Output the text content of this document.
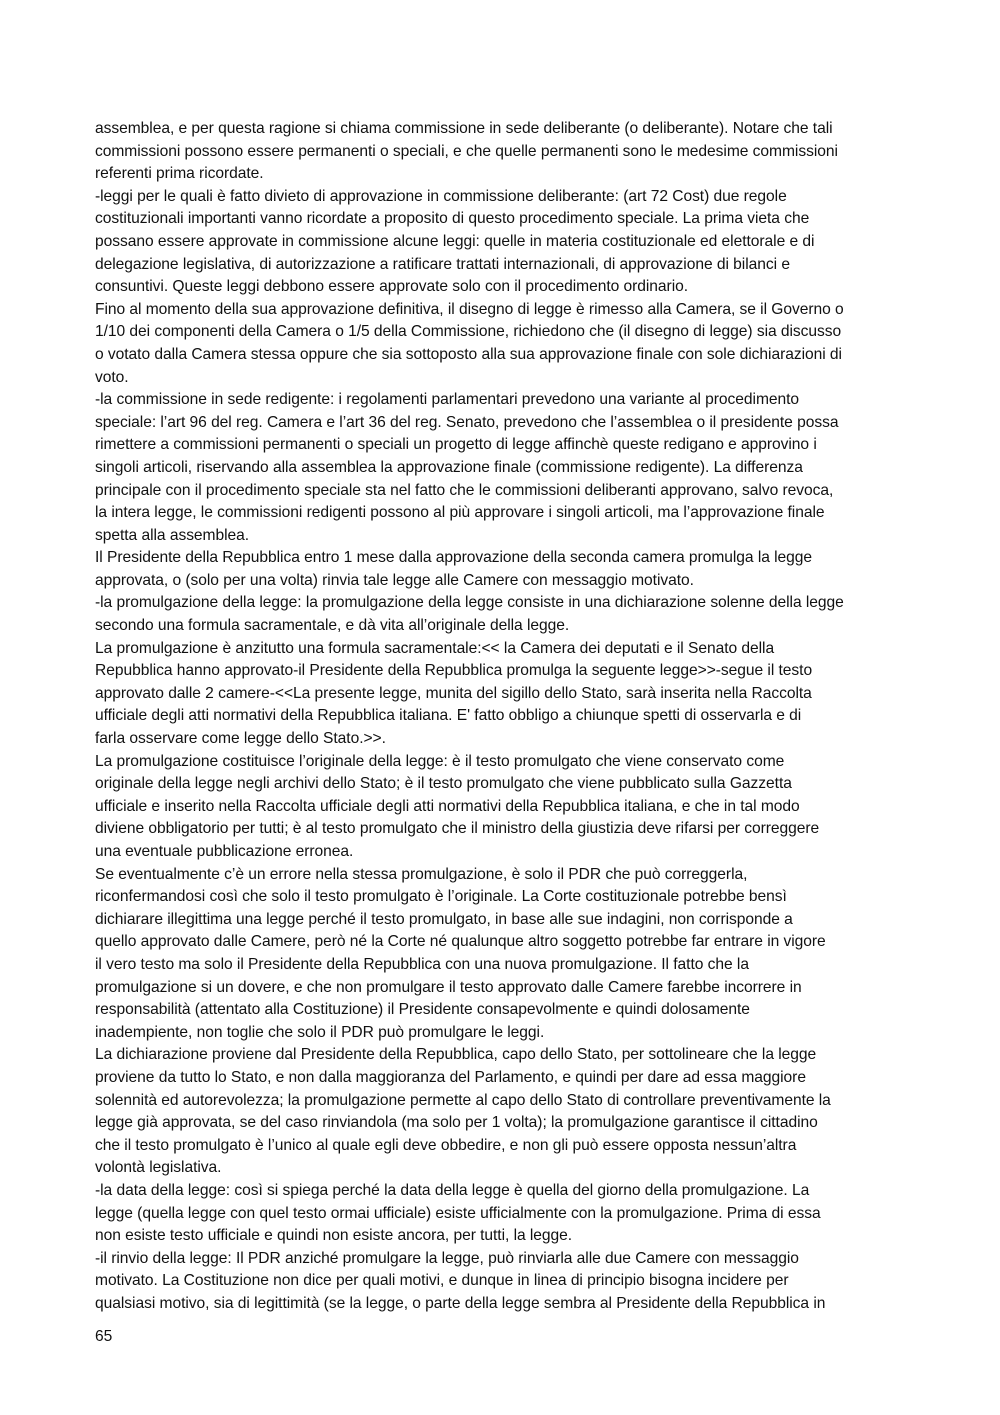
assemblea, e per questa ragione si chiama commissione in sede deliberante (o deliberante). Notare che tali
commissioni possono essere permanenti o speciali, e che quelle permanenti sono le medesime commissioni
referenti prima ricordate.
-leggi per le quali è fatto divieto di approvazione in commissione deliberante: (art 72 Cost) due regole
costituzionali importanti vanno ricordate a proposito di questo procedimento speciale. La prima vieta che
possano essere approvate in commissione alcune leggi: quelle in materia costituzionale ed elettorale e di
delegazione legislativa, di autorizzazione a ratificare trattati internazionali, di approvazione di bilanci e
consuntivi. Queste leggi debbono essere approvate solo con il procedimento ordinario.
Fino al momento della sua approvazione definitiva, il disegno di legge è rimesso alla Camera, se il Governo o
1/10 dei componenti della Camera o 1/5 della Commissione, richiedono che (il disegno di legge) sia discusso
o votato dalla Camera stessa oppure che sia sottoposto alla sua approvazione finale con sole dichiarazioni di
voto.
-la commissione in sede redigente: i regolamenti parlamentari prevedono una variante al procedimento
speciale: l’art 96 del reg. Camera e l’art 36 del reg. Senato, prevedono che l’assemblea o il presidente possa
rimettere a commissioni permanenti o speciali un progetto di legge affinchè queste redigano e approvino i
singoli articoli, riservando alla assemblea la approvazione finale (commissione redigente). La differenza
principale con il procedimento speciale sta nel fatto che le commissioni deliberanti approvano, salvo revoca,
la intera legge, le commissioni redigenti possono al più approvare i singoli articoli, ma l’approvazione finale
spetta alla assemblea.
Il Presidente della Repubblica entro 1 mese dalla approvazione della seconda camera promulga la legge
approvata, o (solo per una volta) rinvia tale legge alle Camere con messaggio motivato.
-la promulgazione della legge: la promulgazione della legge consiste in una dichiarazione solenne della legge
secondo una formula sacramentale, e dà vita all’originale della legge.
La promulgazione è anzitutto una formula sacramentale:<< la Camera dei deputati e il Senato della
Repubblica hanno approvato-il Presidente della Repubblica promulga la seguente legge>>-segue il testo
approvato dalle 2 camere-<<La presente legge, munita del sigillo dello Stato, sarà inserita nella Raccolta
ufficiale degli atti normativi della Repubblica italiana. E' fatto obbligo a chiunque spetti di osservarla e di
farla osservare come legge dello Stato.>>.
La promulgazione costituisce l’originale della legge: è il testo promulgato che viene conservato come
originale della legge negli archivi dello Stato; è il testo promulgato che viene pubblicato sulla Gazzetta
ufficiale e inserito nella Raccolta ufficiale degli atti normativi della Repubblica italiana, e che in tal modo
diviene obbligatorio per tutti; è al testo promulgato che il ministro della giustizia deve rifarsi per correggere
una eventuale pubblicazione erronea.
Se eventualmente c’è un errore nella stessa promulgazione, è solo il PDR che può correggerla,
riconfermandosi così che solo il testo promulgato è l’originale. La Corte costituzionale potrebbe bensì
dichiarare illegittima una legge perché il testo promulgato, in base alle sue indagini, non corrisponde a
quello approvato dalle Camere, però né la Corte né qualunque altro soggetto potrebbe far entrare in vigore
il vero testo ma solo il Presidente della Repubblica con una nuova promulgazione. Il fatto che la
promulgazione si un dovere, e che non promulgare il testo approvato dalle Camere farebbe incorrere in
responsabilità (attentato alla Costituzione) il Presidente consapevolmente e quindi dolosamente
inadempiente, non toglie che solo il PDR può promulgare le leggi.
La dichiarazione proviene dal Presidente della Repubblica, capo dello Stato, per sottolineare che la legge
proviene da tutto lo Stato, e non dalla maggioranza del Parlamento, e quindi per dare ad essa maggiore
solennità ed autorevolezza; la promulgazione permette al capo dello Stato di controllare preventivamente la
legge già approvata, se del caso rinviandola (ma solo per 1 volta); la promulgazione garantisce il cittadino
che il testo promulgato è l’unico al quale egli deve obbedire, e non gli può essere opposta nessun’altra
volontà legislativa.
-la data della legge: così si spiega perché la data della legge è quella del giorno della promulgazione. La
legge (quella legge con quel testo ormai ufficiale) esiste ufficialmente con la promulgazione. Prima di essa
non esiste testo ufficiale e quindi non esiste ancora, per tutti, la legge.
-il rinvio della legge: Il PDR anziché promulgare la legge, può rinviarla alle due Camere con messaggio
motivato. La Costituzione non dice per quali motivi, e dunque in linea di principio bisogna incidere per
qualsiasi motivo, sia di legittimità (se la legge, o parte della legge sembra al Presidente della Repubblica in
65
